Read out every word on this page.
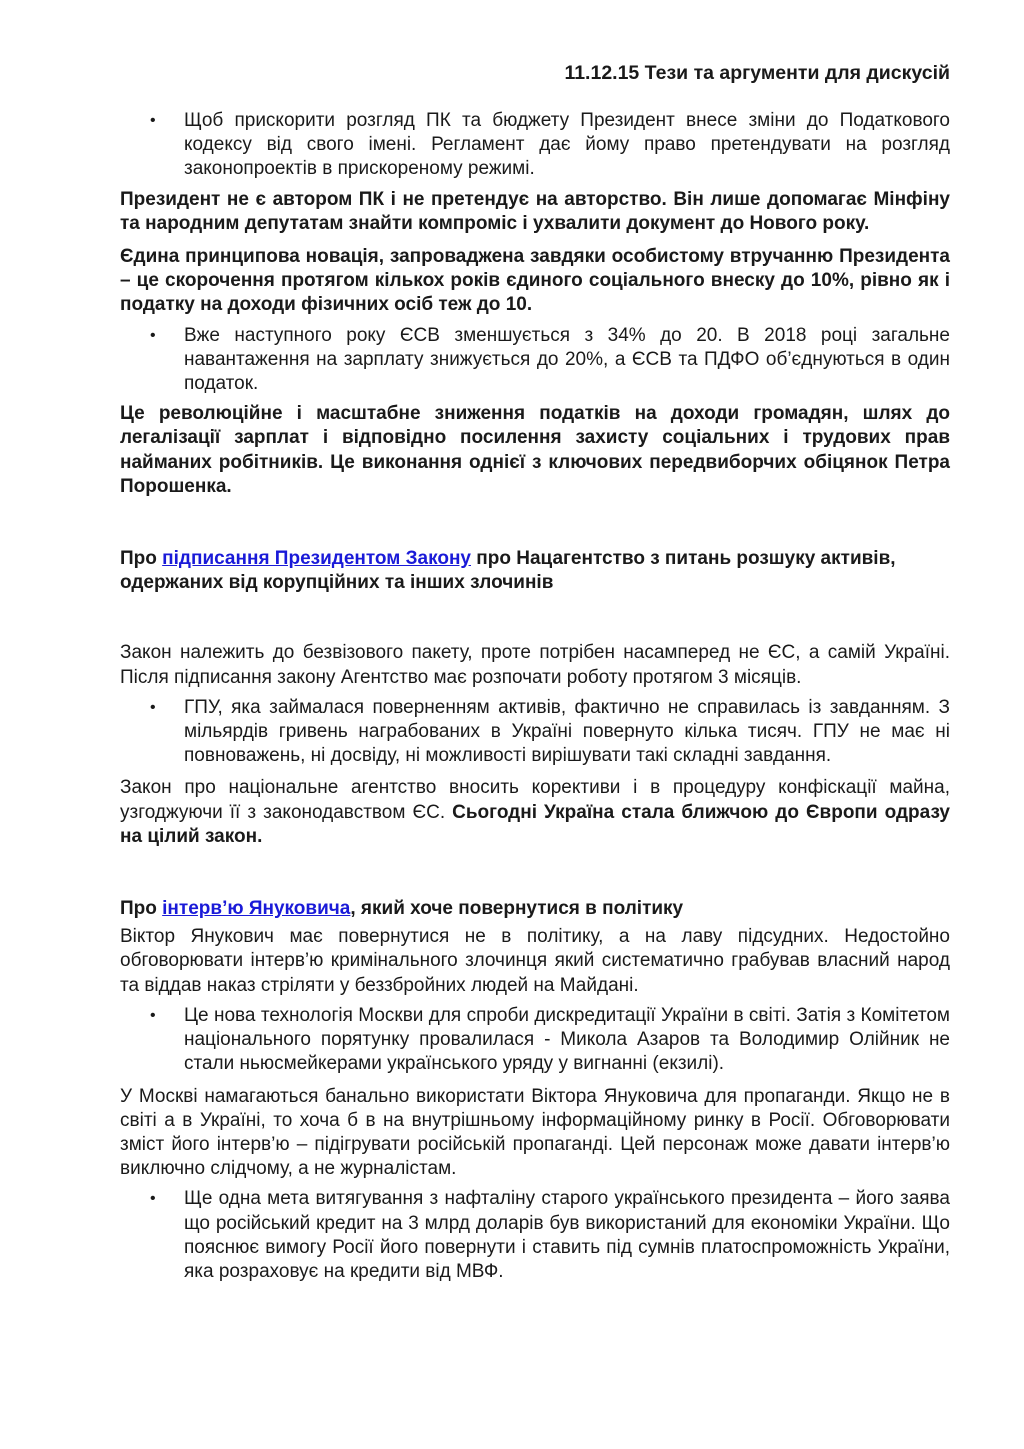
11.12.15 Тези та аргументи для дискусій
• Щоб прискорити розгляд ПК та бюджету Президент внесе зміни до Податкового кодексу від свого імені. Регламент дає йому право претендувати на розгляд законопроектів в прискореному режимі.

Президент не є автором ПК і не претендує на авторство. Він лише допомагає Мінфіну та народним депутатам знайти компроміс і ухвалити документ до Нового року.

Єдина принципова новація, запроваджена завдяки особистому втручанню Президента – це скорочення протягом кількох років єдиного соціального внеску до 10%, рівно як і податку на доходи фізичних осіб теж до 10.

• Вже наступного року ЄСВ зменшується з 34% до 20. В 2018 році загальне навантаження на зарплату знижується до 20%, а ЄСВ та ПДФО об’єднуються в один податок.

Це революційне і масштабне зниження податків на доходи громадян, шлях до легалізації зарплат і відповідно посилення захисту соціальних і трудових прав найманих робітників. Це виконання однієї з ключових передвиборчих обіцянок Петра Порошенка.

Про підписання Президентом Закону про Нацагентство з питань розшуку активів, одержаних від корупційних та інших злочинів

Закон належить до безвізового пакету, проте потрібен насамперед не ЄС, а самій Україні. Після підписання закону Агентство має розпочати роботу протягом 3 місяців.

• ГПУ, яка займалася поверненням активів, фактично не справилась із завданням. З мільярдів гривень награбованих в Україні повернуто кілька тисяч. ГПУ не має ні повноважень, ні досвіду, ні можливості вирішувати такі складні завдання.

Закон про національне агентство вносить корективи і в процедуру конфіскації майна, узгоджуючи її з законодавством ЄС. Сьогодні Україна стала ближчою до Європи одразу на цілий закон.

Про інтерв’ю Януковича, який хоче повернутися в політику

Віктор Янукович має повернутися не в політику, а на лаву підсудних. Недостойно обговорювати інтерв’ю кримінального злочинця який систематично грабував власний народ та віддав наказ стріляти у беззбройних людей на Майдані.

• Це нова технологія Москви для спроби дискредитації України в світі. Затія з Комітетом національного порятунку провалилася - Микола Азаров та Володимир Олійник не стали ньюсмейкерами українського уряду у вигнанні (екзилі).

У Москві намагаються банально використати Віктора Януковича для пропаганди. Якщо не в світі а в Україні, то хоча б в на внутрішньому інформаційному ринку в Росії. Обговорювати зміст його інтерв’ю – підігрувати російській пропаганді. Цей персонаж може давати інтерв’ю виключно слідчому, а не журналістам.

• Ще одна мета витягування з нафталіну старого українського президента – його заява що російський кредит на 3 млрд доларів був використаний для економіки України. Що пояснює вимогу Росії його повернути і ставить під сумнів платоспроможність України, яка розраховує на кредити від МВФ.
